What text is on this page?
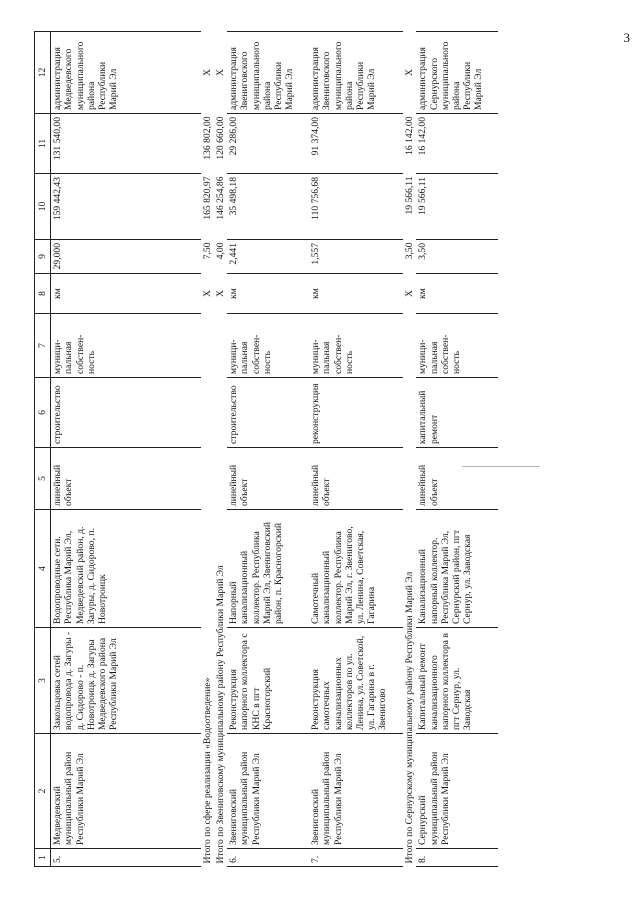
3
1	2	3	4	5	6	7	8	9	10	11	12
5.	Медведевский муниципальный район Республики Марий Эл	Закольцовка сетей водопровода д. Загуры - д. Сидорово - п. Новотроицк д. Загуры Медведевского района Республики Марий Эл	Водопроводные сети. Республика Марий Эл, Медведевский район, д. Загуры, д. Сидорово, п. Новотроицк	линейный объект	строительство	муници-пальная собствен-ность	км	29,000	159 442,43	131 540,00	администрация Медведевского муниципального района Республики Марий Эл
Итого по сфере реализации «Водоотведение»							X	7,50	165 820,97	136 802,00	X
Итого по Звениговскому муниципальному району Республики Марий Эл							X	4,00	146 254,86	120 660,00	X
6.	Звениговский муниципальный район Республики Марий Эл	Реконструкция напорного коллектора с КНС в пгт Красногорский	Напорный канализационный коллектор. Республика Марий Эл, Звениговский район, п. Красногорский	линейный объект	строительство	муници-пальная собствен-ность	км	2,441	35 498,18	29 286,00	администрация Звениговского муниципального района Республики Марий Эл
7.	Звениговский муниципальный район Республики Марий Эл	Реконструкция самотечных канализационных коллекторов по ул. Ленина, ул. Советской, ул. Гагарина в г. Звенигово	Самотечный канализационный коллектор. Республика Марий Эл, г. Звенигово, ул. Ленина, Советская, Гагарина	линейный объект	реконструкция	муници-пальная собствен-ность	км	1,557	110 756,68	91 374,00	администрация Звениговского муниципального района Республики Марий Эл
Итого по Сернурскому муниципальному району Республики Марий Эл							X	3,50	19 566,11	16 142,00	X
8.	Сернурский муниципальный район Республики Марий Эл	Капитальный ремонт канализационного напорного коллектора в пгт Сернур, ул. Заводская	Канализационный напорный коллектор. Республика Марий Эл, Сернурский район, пгт Сернур, ул. Заводская	линейный объект	капитальный ремонт	муници-пальная собствен-ность	км	3,50	19 566,11	16 142,00	администрация Сернурского муниципального района Республики Марий Эл
